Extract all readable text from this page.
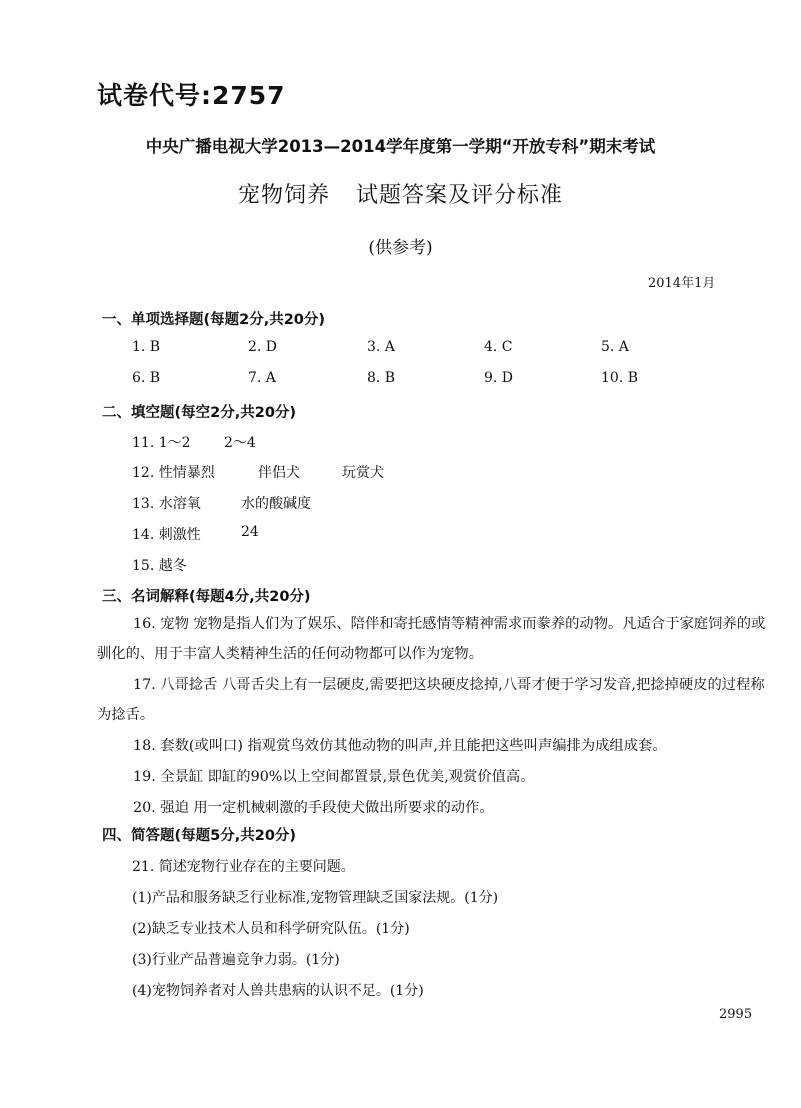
试卷代号:2757
中央广播电视大学2013—2014学年度第一学期“开放专科”期末考试
宠物饲养 试题答案及评分标准
(供参考)
2014年1月
一、单项选择题(每题2分,共20分)
1. B	2. D	3. A	4. C	5. A
6. B	7. A	8. B	9. D	10. B
二、填空题(每空2分,共20分)
11. 1～2 2～4
12. 性情暴烈	伴侣犬	玩赏犬
13. 水溶氧	水的酸碱度
14. 刺激性	24
15. 越冬
三、名词解释(每题4分,共20分)
16. 宠物 宠物是指人们为了娱乐、陪伴和寄托感情等精神需求而豢养的动物。凡适合于家庭饲养的或驯化的、用于丰富人类精神生活的任何动物都可以作为宠物。
17. 八哥捻舌 八哥舌尖上有一层硬皮,需要把这块硬皮捻掉,八哥才便于学习发音,把捻掉硬皮的过程称为捻舌。
18. 套数(或叫口) 指观赏鸟效仿其他动物的叫声,并且能把这些叫声编排为成组成套。
19. 全景缸 即缸的90%以上空间都置景,景色优美,观赏价值高。
20. 强迫 用一定机械刺激的手段使犬做出所要求的动作。
四、简答题(每题5分,共20分)
21. 简述宠物行业存在的主要问题。
(1)产品和服务缺乏行业标准,宠物管理缺乏国家法规。(1分)
(2)缺乏专业技术人员和科学研究队伍。(1分)
(3)行业产品普遍竞争力弱。(1分)
(4)宠物饲养者对人兽共患病的认识不足。(1分)
2995
